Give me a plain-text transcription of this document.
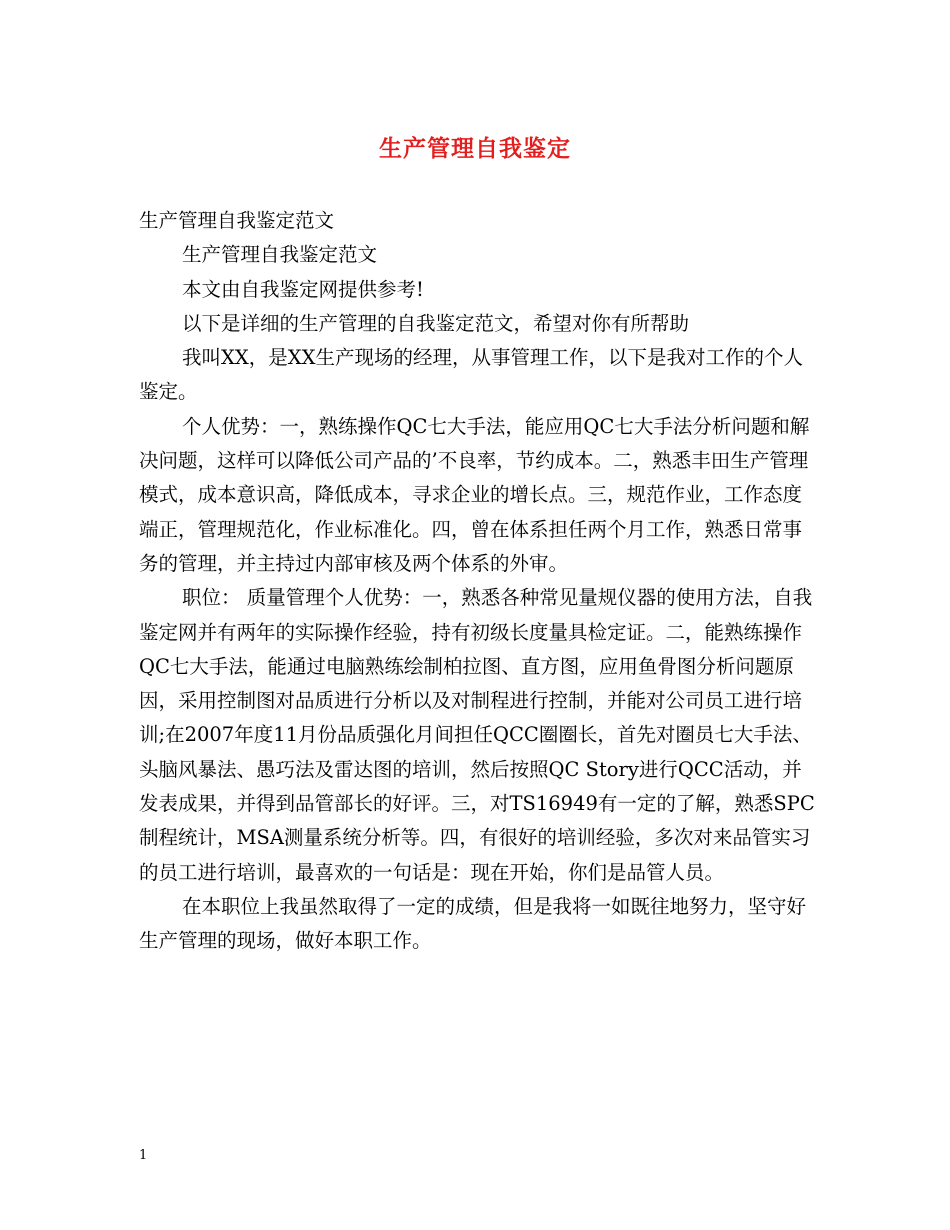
生产管理自我鉴定

生产管理自我鉴定范文

生产管理自我鉴定范文

本文由自我鉴定网提供参考!

以下是详细的生产管理的自我鉴定范文，希望对你有所帮助

我叫XX，是XX生产现场的经理，从事管理工作，以下是我对工作的个人鉴定。

个人优势：一，熟练操作QC七大手法，能应用QC七大手法分析问题和解决问题，这样可以降低公司产品的’不良率，节约成本。二，熟悉丰田生产管理模式，成本意识高，降低成本，寻求企业的增长点。三，规范作业，工作态度端正，管理规范化，作业标准化。四，曾在体系担任两个月工作，熟悉日常事务的管理，并主持过内部审核及两个体系的外审。

职位： 质量管理个人优势：一，熟悉各种常见量规仪器的使用方法，自我鉴定网并有两年的实际操作经验，持有初级长度量具检定证。二，能熟练操作QC七大手法，能通过电脑熟练绘制柏拉图、直方图，应用鱼骨图分析问题原因，采用控制图对品质进行分析以及对制程进行控制，并能对公司员工进行培训;在2007年度11月份品质强化月间担任QCC圈圈长，首先对圈员七大手法、头脑风暴法、愚巧法及雷达图的培训，然后按照QC Story进行QCC活动，并发表成果，并得到品管部长的好评。三，对TS16949有一定的了解，熟悉SPC制程统计，MSA测量系统分析等。四，有很好的培训经验，多次对来品管实习的员工进行培训，最喜欢的一句话是：现在开始，你们是品管人员。

在本职位上我虽然取得了一定的成绩，但是我将一如既往地努力，坚守好生产管理的现场，做好本职工作。

1
